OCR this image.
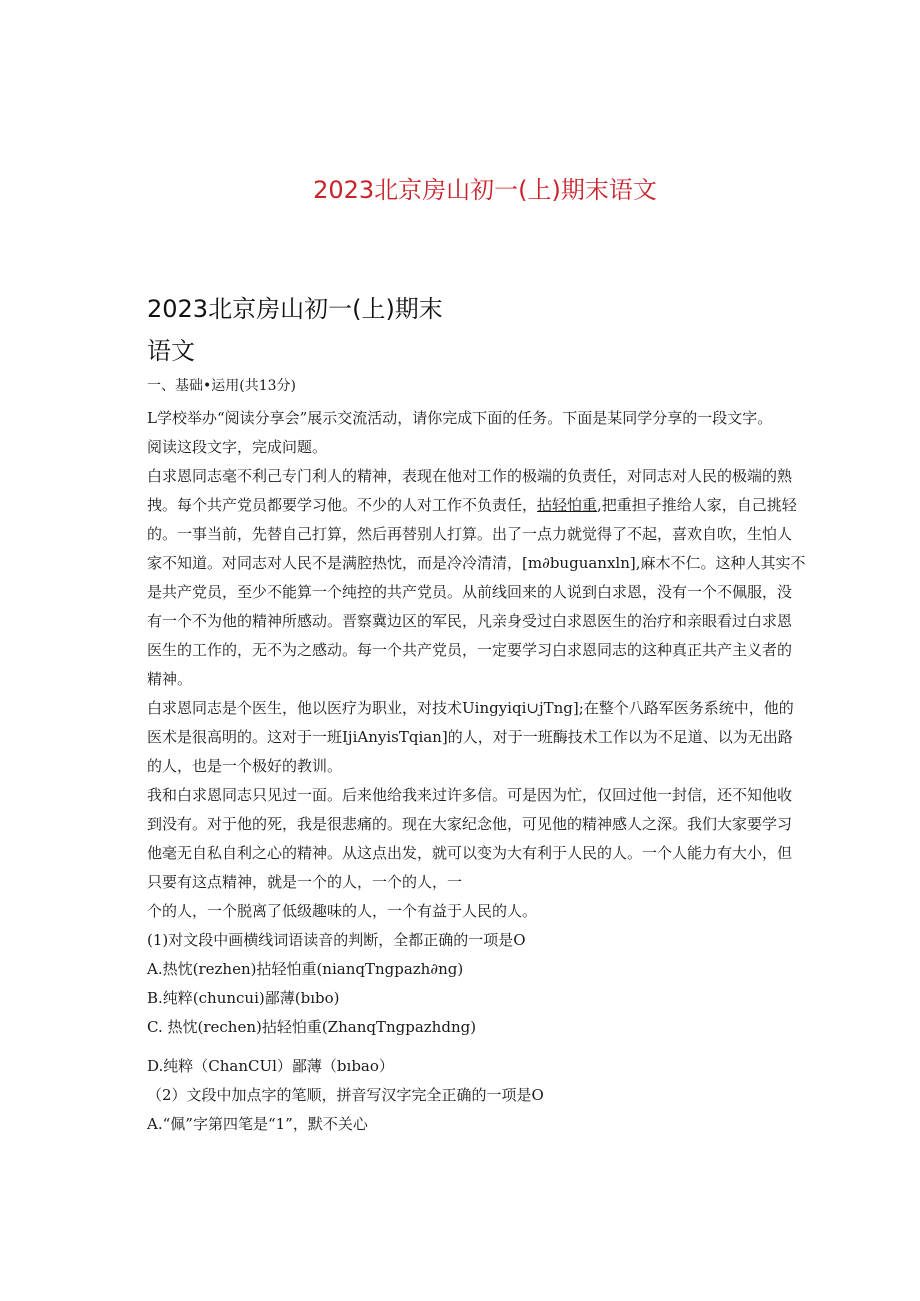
2023北京房山初一(上)期末语文
2023北京房山初一(上)期末
语文
一、基础•运用(共13分)

L学校举办“阅读分享会”展示交流活动，请你完成下面的任务。下面是某同学分享的一段文字。

阅读这段文字，完成问题。

白求恩同志毫不利己专门利人的精神，表现在他对工作的极端的负责任，对同志对人民的极端的熟

拽。每个共产党员都要学习他。不少的人对工作不负责任，拈轻怕重,把重担子推给人家，自己挑轻

的。一事当前，先替自己打算，然后再替别人打算。出了一点力就觉得了不起，喜欢自吹，生怕人

家不知道。对同志对人民不是满腔热忱，而是冷冷清清，[m∂buguanxln],麻木不仁。这种人其实不

是共产党员，至少不能算一个纯控的共产党员。从前线回来的人说到白求恩，没有一个不佩服，没

有一个不为他的精神所感动。晋察冀边区的军民，凡亲身受过白求恩医生的治疗和亲眼看过白求恩

医生的工作的，无不为之感动。每一个共产党员，一定要学习白求恩同志的这种真正共产主义者的

精神。

白求恩同志是个医生，他以医疗为职业，对技术Uingyiqi∪jTng];在整个八路军医务系统中，他的

医术是很高明的。这对于一班IjiAnyisTqian]的人，对于一班酶技术工作以为不足道、以为无出路

的人，也是一个极好的教训。

我和白求恩同志只见过一面。后来他给我来过许多信。可是因为忙，仅回过他一封信，还不知他收

到没有。对于他的死，我是很悲痛的。现在大家纪念他，可见他的精神感人之深。我们大家要学习

他毫无自私自利之心的精神。从这点出发，就可以变为大有利于人民的人。一个人能力有大小，但

只要有这点精神，就是一个的人，一个的人，一

个的人，一个脱离了低级趣味的人，一个有益于人民的人。

(1)对文段中画横线词语读音的判断，全都正确的一项是O

A.热忱(rezhen)拈轻怕重(nianqTngpazh∂ng)

B.纯粹(chuncui)鄙薄(bıbo)

C. 热忱(rechen)拈轻怕重(ZhanqTngpazhdng)

D.纯粹（ChanCUl）鄙薄（bıbao）

（2）文段中加点字的笔顺，拼音写汉字完全正确的一项是O

A.“佩”字第四笔是“1”，默不关心
